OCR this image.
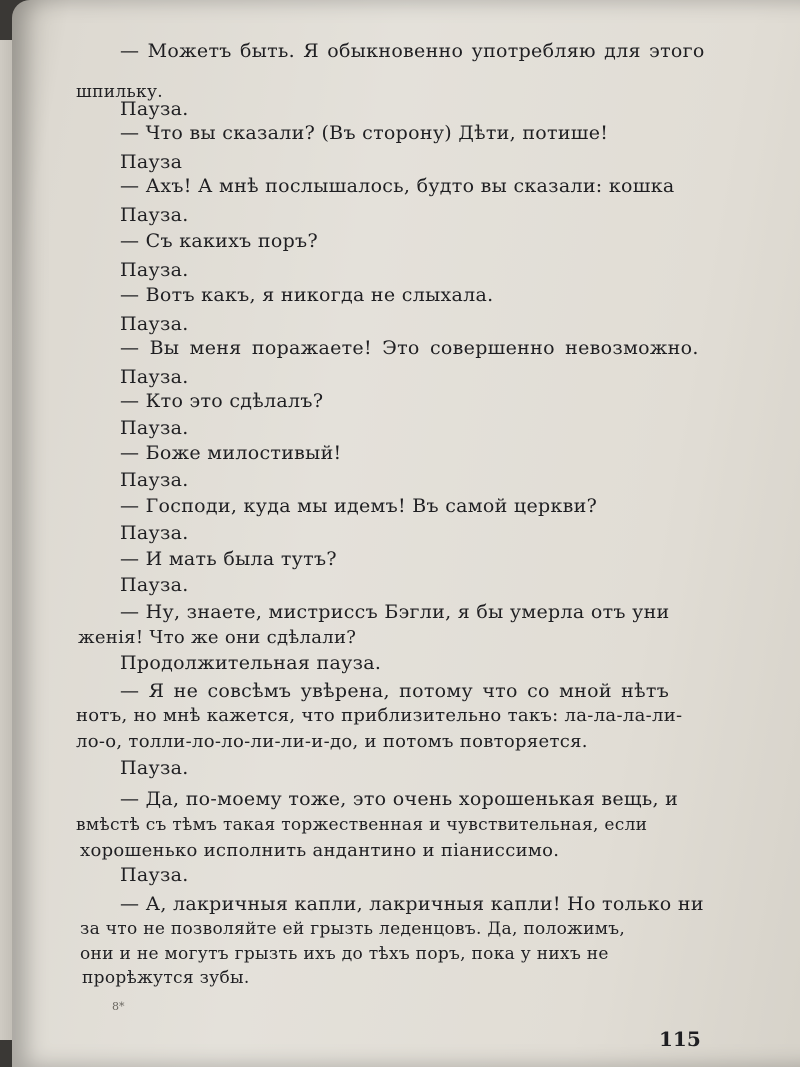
— Можетъ быть. Я обыкновенно употребляю для этого
шпильку.
Пауза.
— Что вы сказали? (Въ сторону) Дѣти, потише!
Пауза
— Ахъ! А мнѣ послышалось, будто вы сказали: кошка
Пауза.
— Съ какихъ поръ?
Пауза.
— Вотъ какъ, я никогда не слыхала.
Пауза.
— Вы меня поражаете! Это совершенно невозможно.
Пауза.
— Кто это сдѣлалъ?
Пауза.
— Боже милостивый!
Пауза.
— Господи, куда мы идемъ! Въ самой церкви?
Пауза.
— И мать была тутъ?
Пауза.
— Ну, знаете, мистриссъ Бэгли, я бы умерла отъ уни
женія! Что же они сдѣлали?
Продолжительная пауза.
— Я не совсѣмъ увѣрена, потому что со мной нѣтъ
нотъ, но мнѣ кажется, что приблизительно такъ: ла-ла-ла-ли-
ло-о, толли-ло-ло-ли-ли-и-до, и потомъ повторяется.
Пауза.
— Да, по-моему тоже, это очень хорошенькая вещь, и
вмѣстѣ съ тѣмъ такая торжественная и чувствительная, если
хорошенько исполнить андантино и піаниссимо.
Пауза.
— А, лакричныя капли, лакричныя капли! Но только ни
за что не позволяйте ей грызть леденцовъ. Да, положимъ,
они и не могутъ грызть ихъ до тѣхъ поръ, пока у нихъ не
прорѣжутся зубы.
8*
115
